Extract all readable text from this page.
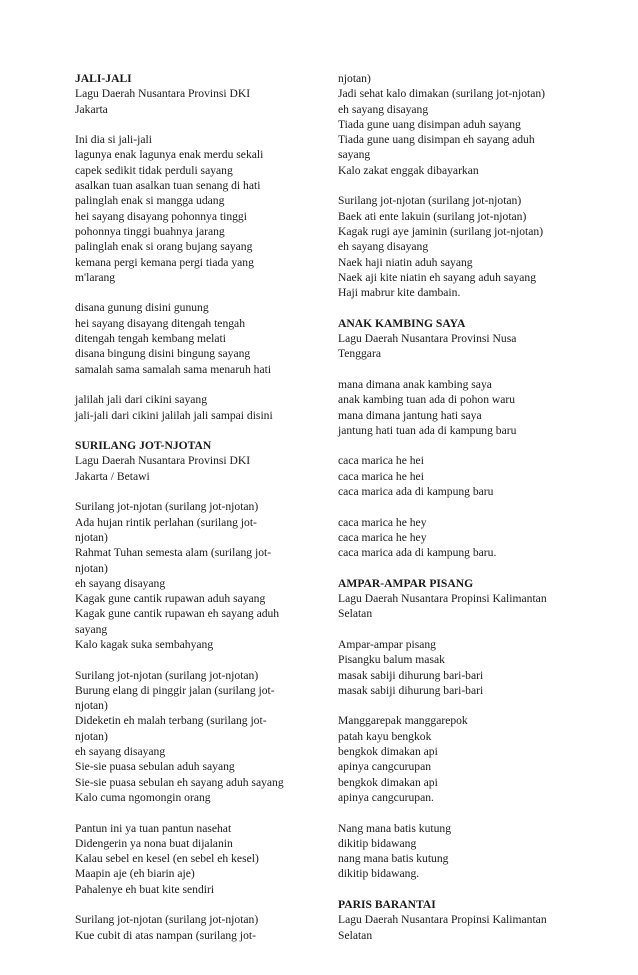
JALI-JALI
Lagu Daerah Nusantara Provinsi DKI
Jakarta
Ini dia si jali-jali
lagunya enak lagunya enak merdu sekali
capek sedikit tidak perduli sayang
asalkan tuan asalkan tuan senang di hati
palinglah enak si mangga udang
hei sayang disayang pohonnya tinggi
pohonnya tinggi buahnya jarang
palinglah enak si orang bujang sayang
kemana pergi kemana pergi tiada yang
m'larang
disana gunung disini gunung
hei sayang disayang ditengah tengah
ditengah tengah kembang melati
disana bingung disini bingung sayang
samalah sama samalah sama menaruh hati
jalilah jali dari cikini sayang
jali-jali dari cikini jalilah jali sampai disini
SURILANG JOT-NJOTAN
Lagu Daerah Nusantara Provinsi DKI
Jakarta / Betawi
Surilang jot-njotan (surilang jot-njotan)
Ada hujan rintik perlahan (surilang jot-
njotan)
Rahmat Tuhan semesta alam (surilang jot-
njotan)
eh sayang disayang
Kagak gune cantik rupawan aduh sayang
Kagak gune cantik rupawan eh sayang aduh
sayang
Kalo kagak suka sembahyang
Surilang jot-njotan (surilang jot-njotan)
Burung elang di pinggir jalan (surilang jot-
njotan)
Dideketin eh malah terbang (surilang jot-
njotan)
eh sayang disayang
Sie-sie puasa sebulan aduh sayang
Sie-sie puasa sebulan eh sayang aduh sayang
Kalo cuma ngomongin orang
Pantun ini ya tuan pantun nasehat
Didengerin ya nona buat dijalanin
Kalau sebel en kesel (en sebel eh kesel)
Maapin aje (eh biarin aje)
Pahalenye eh buat kite sendiri
Surilang jot-njotan (surilang jot-njotan)
Kue cubit di atas nampan (surilang jot-
njotan)
Jadi sehat kalo dimakan (surilang jot-njotan)
eh sayang disayang
Tiada gune uang disimpan aduh sayang
Tiada gune uang disimpan eh sayang aduh
sayang
Kalo zakat enggak dibayarkan
Surilang jot-njotan (surilang jot-njotan)
Baek ati ente lakuin (surilang jot-njotan)
Kagak rugi aye jaminin (surilang jot-njotan)
eh sayang disayang
Naek haji niatin aduh sayang
Naek aji kite niatin eh sayang aduh sayang
Haji mabrur kite dambain.
ANAK KAMBING SAYA
Lagu Daerah Nusantara Provinsi Nusa
Tenggara
mana dimana anak kambing saya
anak kambing tuan ada di pohon waru
mana dimana jantung hati saya
jantung hati tuan ada di kampung baru
caca marica he hei
caca marica he hei
caca marica ada di kampung baru
caca marica he hey
caca marica he hey
caca marica ada di kampung baru.
AMPAR-AMPAR PISANG
Lagu Daerah Nusantara Propinsi Kalimantan
Selatan
Ampar-ampar pisang
Pisangku balum masak
masak sabiji dihurung bari-bari
masak sabiji dihurung bari-bari
Manggarepak manggarepok
patah kayu bengkok
bengkok dimakan api
apinya cangcurupan
bengkok dimakan api
apinya cangcurupan.
Nang mana batis kutung
dikitip bidawang
nang mana batis kutung
dikitip bidawang.
PARIS BARANTAI
Lagu Daerah Nusantara Propinsi Kalimantan
Selatan
